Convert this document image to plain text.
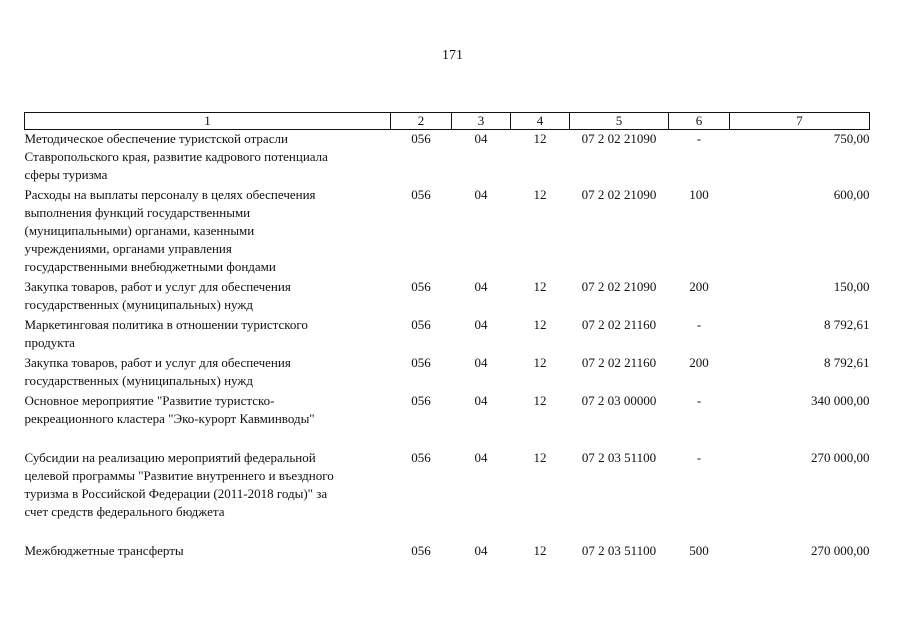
171
1	2	3	4	5	6	7

Методическое обеспечение туристской отрасли
Ставропольского края, развитие кадрового потенциала
сферы туризма	056	04	12	07 2 02 21090	-	750,00

Расходы на выплаты персоналу в целях обеспечения
выполнения функций государственными
(муниципальными) органами, казенными
учреждениями, органами управления
государственными внебюджетными фондами	056	04	12	07 2 02 21090	100	600,00

Закупка товаров, работ и услуг для обеспечения
государственных (муниципальных) нужд	056	04	12	07 2 02 21090	200	150,00

Маркетинговая политика в отношении туристского
продукта	056	04	12	07 2 02 21160	-	8 792,61

Закупка товаров, работ и услуг для обеспечения
государственных (муниципальных) нужд	056	04	12	07 2 02 21160	200	8 792,61

Основное мероприятие "Развитие туристско-
рекреационного кластера "Эко-курорт Кавминводы"	056	04	12	07 2 03 00000	-	340 000,00

Субсидии на реализацию мероприятий федеральной
целевой программы "Развитие внутреннего и въездного
туризма в Российской Федерации (2011-2018 годы)" за
счет средств федерального бюджета	056	04	12	07 2 03 51100	-	270 000,00

Межбюджетные трансферты	056	04	12	07 2 03 51100	500	270 000,00
